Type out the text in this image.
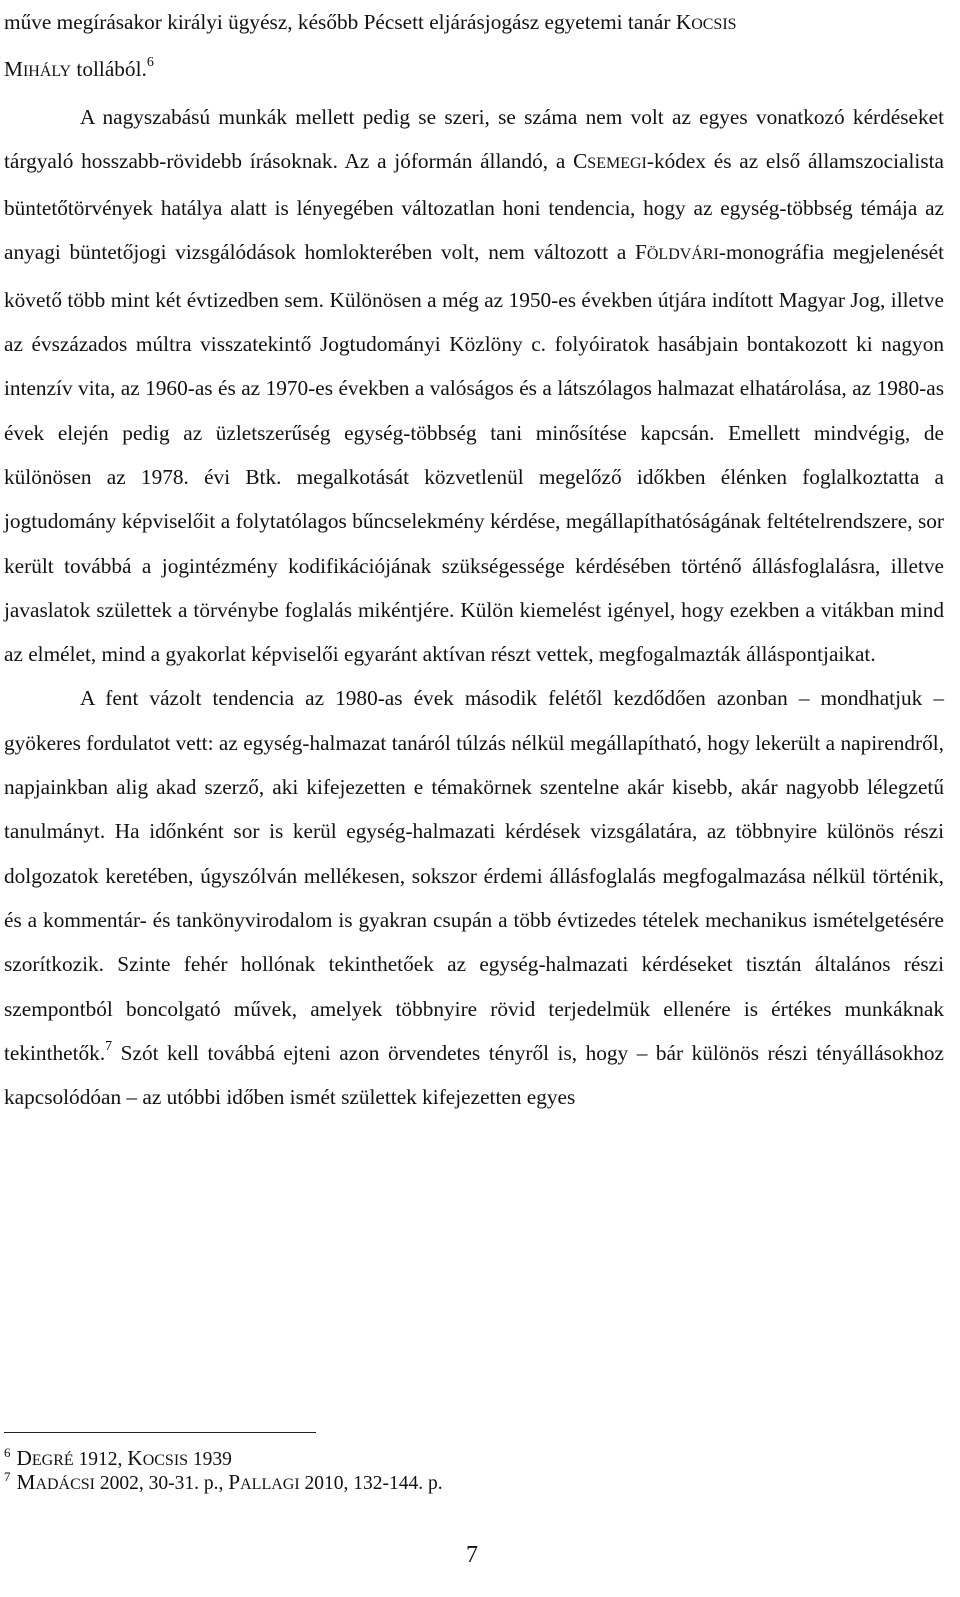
műve megírásakor királyi ügyész, később Pécsett eljárásjogász egyetemi tanár KOCSIS
MIHÁLY tollából.$^6$

A nagyszabású munkák mellett pedig se szeri, se száma nem volt az egyes vonatkozó kérdéseket tárgyaló hosszabb-rövidebb írásoknak. Az a jóformán állandó, a CSEMEGI-kódex és az első államszocialista büntetőtörvények hatálya alatt is lényegében változatlan honi tendencia, hogy az egység-többség témája az anyagi büntetőjogi vizsgálódások homlokterében volt, nem változott a FÖLDVÁRI-monográfia megjelenését követő több mint két évtizedben sem. Különösen a még az 1950-es években útjára indított Magyar Jog, illetve az évszázados múltra visszatekintő Jogtudományi Közlöny c. folyóiratok hasábjain bontakozott ki nagyon intenzív vita, az 1960-as és az 1970-es években a valóságos és a látszólagos halmazat elhatárolása, az 1980-as évek elején pedig az üzletszerűség egység-többség tani minősítése kapcsán. Emellett mindvégig, de különösen az 1978. évi Btk. megalkotását közvetlenül megelőző időkben élénken foglalkoztatta a jogtudomány képviselőit a folytatólagos bűncselekmény kérdése, megállapíthatóságának feltételrendszere, sor került továbbá a jogintézmény kodifikációjának szükségessége kérdésében történő állásfoglalásra, illetve javaslatok születtek a törvénybe foglalás mikéntjére. Külön kiemelést igényel, hogy ezekben a vitákban mind az elmélet, mind a gyakorlat képviselői egyaránt aktívan részt vettek, megfogalmazták álláspontjaikat.

A fent vázolt tendencia az 1980-as évek második felétől kezdődően azonban – mondhatjuk – gyökeres fordulatot vett: az egység-halmazat tanáról túlzás nélkül megállapítható, hogy lekerült a napirendről, napjainkban alig akad szerző, aki kifejezetten e témakörnek szentelne akár kisebb, akár nagyobb lélegzetű tanulmányt. Ha időnként sor is kerül egység-halmazati kérdések vizsgálatára, az többnyire különös részi dolgozatok keretében, úgyszólván mellékesen, sokszor érdemi állásfoglalás megfogalmazása nélkül történik, és a kommentár- és tankönyvirodalom is gyakran csupán a több évtizedes tételek mechanikus ismételgetésére szorítkozik. Szinte fehér hollónak tekinthetőek az egység-halmazati kérdéseket tisztán általános részi szempontból boncolgató művek, amelyek többnyire rövid terjedelmük ellenére is értékes munkáknak tekinthetők.$^7$ Szót kell továbbá ejteni azon örvendetes tényről is, hogy – bár különös részi tényállásokhoz kapcsolódóan – az utóbbi időben ismét születtek kifejezetten egyes

$^6$ DEGRÉ 1912, KOCSIS 1939
$^7$ MADÁCSI 2002, 30-31. p., PALLAGI 2010, 132-144. p.
7
